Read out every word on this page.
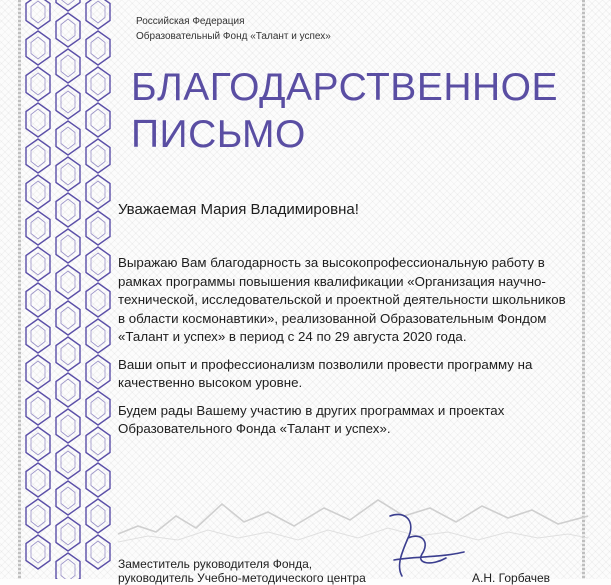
Российская Федерация
Образовательный Фонд «Талант и успех»
БЛАГОДАРСТВЕННОЕ
ПИСЬМО
Уважаемая Мария Владимировна!

Выражаю Вам благодарность за высокопрофессиональную работу в рамках программы повышения квалификации «Организация научно-технической, исследовательской и проектной деятельности школьников в области космонавтики», реализованной Образовательным Фондом «Талант и успех» в период с 24 по 29 августа 2020 года.

Ваши опыт и профессионализм позволили провести программу на качественно высоком уровне.

Будем рады Вашему участию в других программах и проектах Образовательного Фонда «Талант и успех».

Заместитель руководителя Фонда,
руководитель Учебно-методического центра	А.Н. Горбачев
